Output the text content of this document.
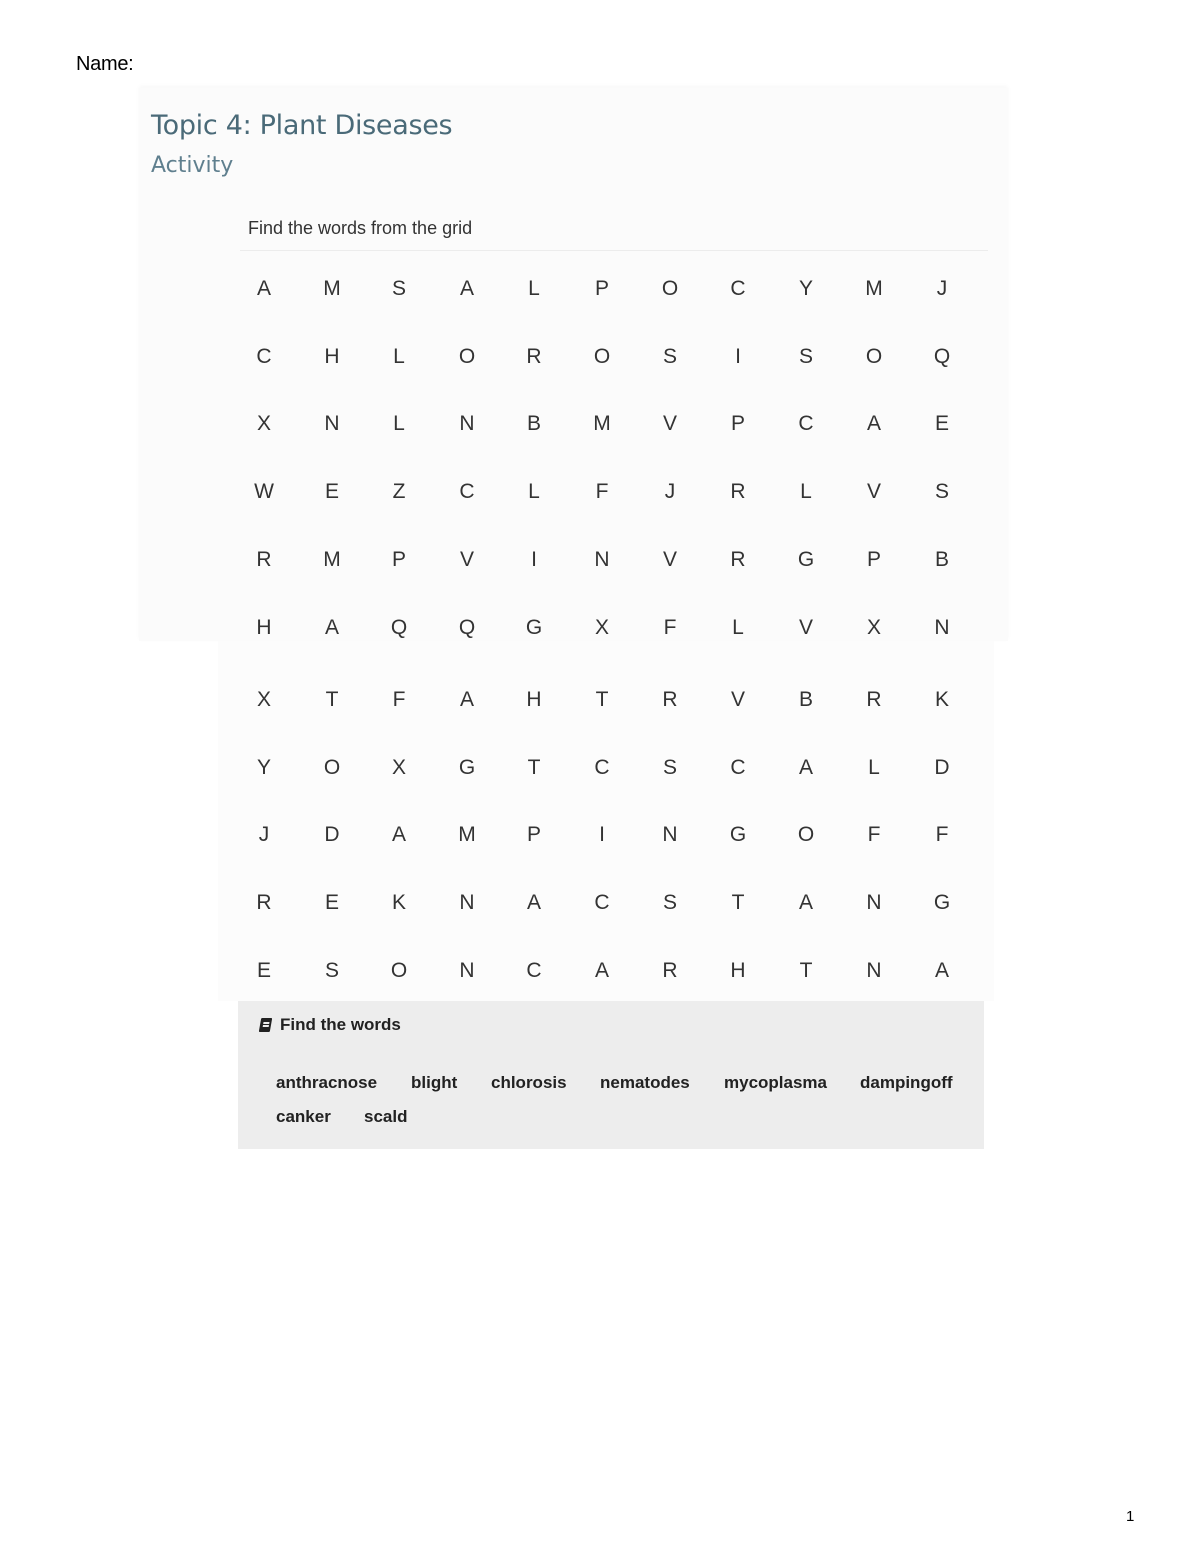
Name:
Topic 4: Plant Diseases
Activity
Find the words from the grid
A	M	S	A	L	P	O	C	Y	M	J
C	H	L	O	R	O	S	I	S	O	Q
X	N	L	N	B	M	V	P	C	A	E
W	E	Z	C	L	F	J	R	L	V	S
R	M	P	V	I	N	V	R	G	P	B
H	A	Q	Q	G	X	F	L	V	X	N
X	T	F	A	H	T	R	V	B	R	K
Y	O	X	G	T	C	S	C	A	L	D
J	D	A	M	P	I	N	G	O	F	F
R	E	K	N	A	C	S	T	A	N	G
E	S	O	N	C	A	R	H	T	N	A
Find the words
anthracnose blight chlorosis nematodes mycoplasma dampingoff
canker scald
1
